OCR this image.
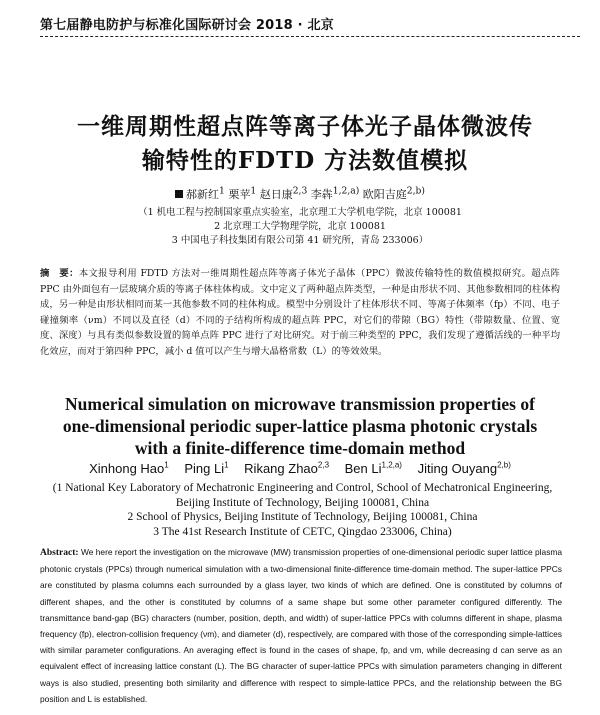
第七届静电防护与标准化国际研讨会 2018 · 北京
一维周期性超点阵等离子体光子晶体微波传输特性的FDTD 方法数值模拟
郝新红$^1$ 栗苹$^1$ 赵日康$^{2,3}$ 李犇$^{1,2,a)}$ 欧阳吉庭$^{2,b)}$
（1 机电工程与控制国家重点实验室，北京理工大学机电学院，北京 100081
2 北京理工大学物理学院，北京 100081
3 中国电子科技集团有限公司第 41 研究所，青岛 233006）
摘　要：本文报导利用 FDTD 方法对一维周期性超点阵等离子体光子晶体（PPC）微波传输特性的数值模拟研究。超点阵 PPC 由外面包有一层玻璃介质的等离子体柱体构成。文中定义了两种超点阵类型，一种是由形状不同、其他参数相同的柱体构成，另一种是由形状相同而某一其他参数不同的柱体构成。模型中分别设计了柱体形状不同、等离子体频率（fp）不同、电子碰撞频率（νm）不同以及直径（d）不同的子结构所构成的超点阵 PPC，对它们的带隙（BG）特性（带隙数量、位置、宽度、深度）与具有类似参数设置的简单点阵 PPC 进行了对比研究。对于前三种类型的 PPC，我们发现了遵循活线的一种平均化效应，而对于第四种 PPC，减小 d 值可以产生与增大晶格常数（L）的等效效果。
Numerical simulation on microwave transmission properties of one-dimensional periodic super-lattice plasma photonic crystals with a finite-difference time-domain method
Xinhong Hao$^1$ Ping Li$^1$ Rikang Zhao$^{2,3}$ Ben Li$^{1,2,a)}$ Jiting Ouyang$^{2,b)}$
(1 National Key Laboratory of Mechatronic Engineering and Control, School of Mechatronical Engineering, Beijing Institute of Technology, Beijing 100081, China
2 School of Physics, Beijing Institute of Technology, Beijing 100081, China
3 The 41st Research Institute of CETC, Qingdao 233006, China)
Abstract: We here report the investigation on the microwave (MW) transmission properties of one-dimensional periodic super lattice plasma photonic crystals (PPCs) through numerical simulation with a two-dimensional finite-difference time-domain method. The super-lattice PPCs are constituted by plasma columns each surrounded by a glass layer, two kinds of which are defined. One is constituted by columns of different shapes, and the other is constituted by columns of a same shape but some other parameter configured differently. The transmittance band-gap (BG) characters (number, position, depth, and width) of super-lattice PPCs with columns different in shape, plasma frequency (fp), electron-collision frequency (νm), and diameter (d), respectively, are compared with those of the corresponding simple-lattices with similar parameter configurations. An averaging effect is found in the cases of shape, fp, and νm, while decreasing d can serve as an equivalent effect of increasing lattice constant (L). The BG character of super-lattice PPCs with simulation parameters changing in different ways is also studied, presenting both similarity and difference with respect to simple-lattice PPCs, and the relationship between the BG position and L is established.
